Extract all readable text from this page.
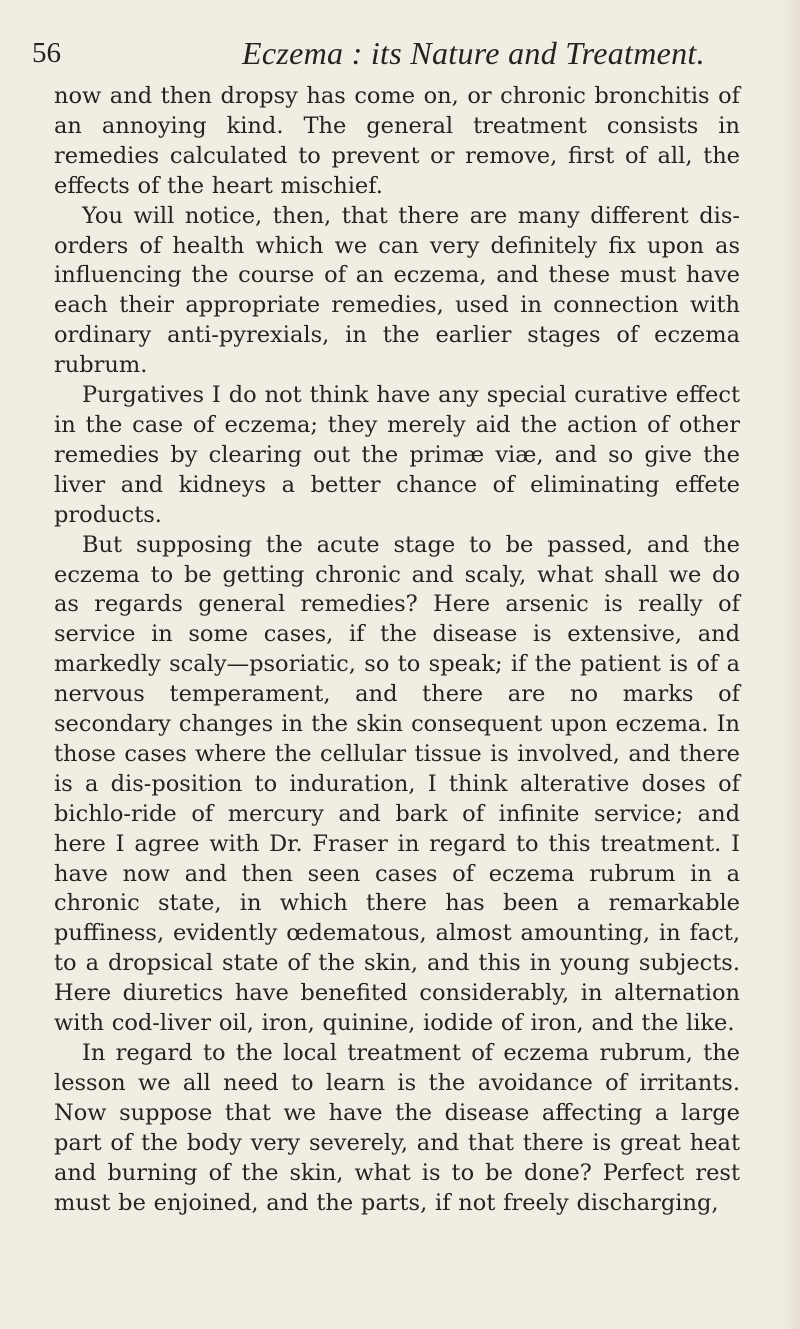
56	Eczema : its Nature and Treatment.

now and then dropsy has come on, or chronic bronchitis of an annoying kind. The general treatment consists in remedies calculated to prevent or remove, first of all, the effects of the heart mischief.

You will notice, then, that there are many different dis-orders of health which we can very definitely fix upon as influencing the course of an eczema, and these must have each their appropriate remedies, used in connection with ordinary anti-pyrexials, in the earlier stages of eczema rubrum.

Purgatives I do not think have any special curative effect in the case of eczema; they merely aid the action of other remedies by clearing out the primæ viæ, and so give the liver and kidneys a better chance of eliminating effete products.

But supposing the acute stage to be passed, and the eczema to be getting chronic and scaly, what shall we do as regards general remedies? Here arsenic is really of service in some cases, if the disease is extensive, and markedly scaly—psoriatic, so to speak; if the patient is of a nervous temperament, and there are no marks of secondary changes in the skin consequent upon eczema. In those cases where the cellular tissue is involved, and there is a dis-position to induration, I think alterative doses of bichlo-ride of mercury and bark of infinite service; and here I agree with Dr. Fraser in regard to this treatment. I have now and then seen cases of eczema rubrum in a chronic state, in which there has been a remarkable puffiness, evidently œdematous, almost amounting, in fact, to a dropsical state of the skin, and this in young subjects. Here diuretics have benefited considerably, in alternation with cod-liver oil, iron, quinine, iodide of iron, and the like.

In regard to the local treatment of eczema rubrum, the lesson we all need to learn is the avoidance of irritants. Now suppose that we have the disease affecting a large part of the body very severely, and that there is great heat and burning of the skin, what is to be done? Perfect rest must be enjoined, and the parts, if not freely discharging,
